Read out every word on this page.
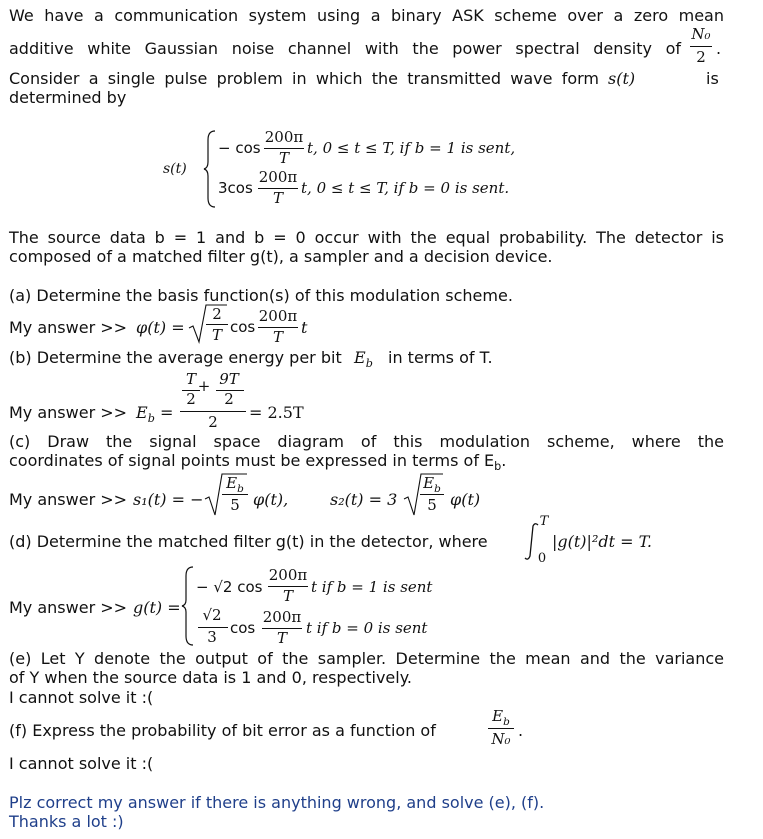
We have a communication system using a binary ASK scheme over a zero mean
additive white Gaussian noise channel with the power spectral density of
N₀
2 .
Consider a single pulse problem in which the transmitted wave form s(t)	is
determined by
s(t)
− cos
200π
T
t, 0 ≤ t ≤ T, if b = 1 is sent,
3cos
200π
T
t, 0 ≤ t ≤ T, if b = 0 is sent.
The source data b = 1 and b = 0 occur with the equal probability. The detector is
composed of a matched filter g(t), a sampler and a decision device.
(a) Determine the basis function(s) of this modulation scheme.
My answer >> φ(t) =
2
T cos
200π
T	t
(b) Determine the average energy per bit $E_b$ in terms of T.
My answer >> $E_b$ =
T
2
+ 9T
2
2	= 2.5T
(c) Draw the signal space diagram of this modulation scheme, where the
coordinates of signal points must be expressed in terms of $E_b$.
My answer >> s₁(t) = −
$E_b$
5 φ(t),	s₂(t) = 3
$E_b$
5 φ(t)
(d) Determine the matched filter g(t) in the detector, where
T
0
|g(t)|²dt = T.
My answer >> g(t) =
− √2 cos
200π
T	t if b = 1 is sent
√2
3 cos
200π
T
t if b = 0 is sent
(e) Let Y denote the output of the sampler. Determine the mean and the variance
of Y when the source data is 1 and 0, respectively.
I cannot solve it :(
(f) Express the probability of bit error as a function of
$E_b$
N₀ .
I cannot solve it :(
Plz correct my answer if there is anything wrong, and solve (e), (f).
Thanks a lot :)
